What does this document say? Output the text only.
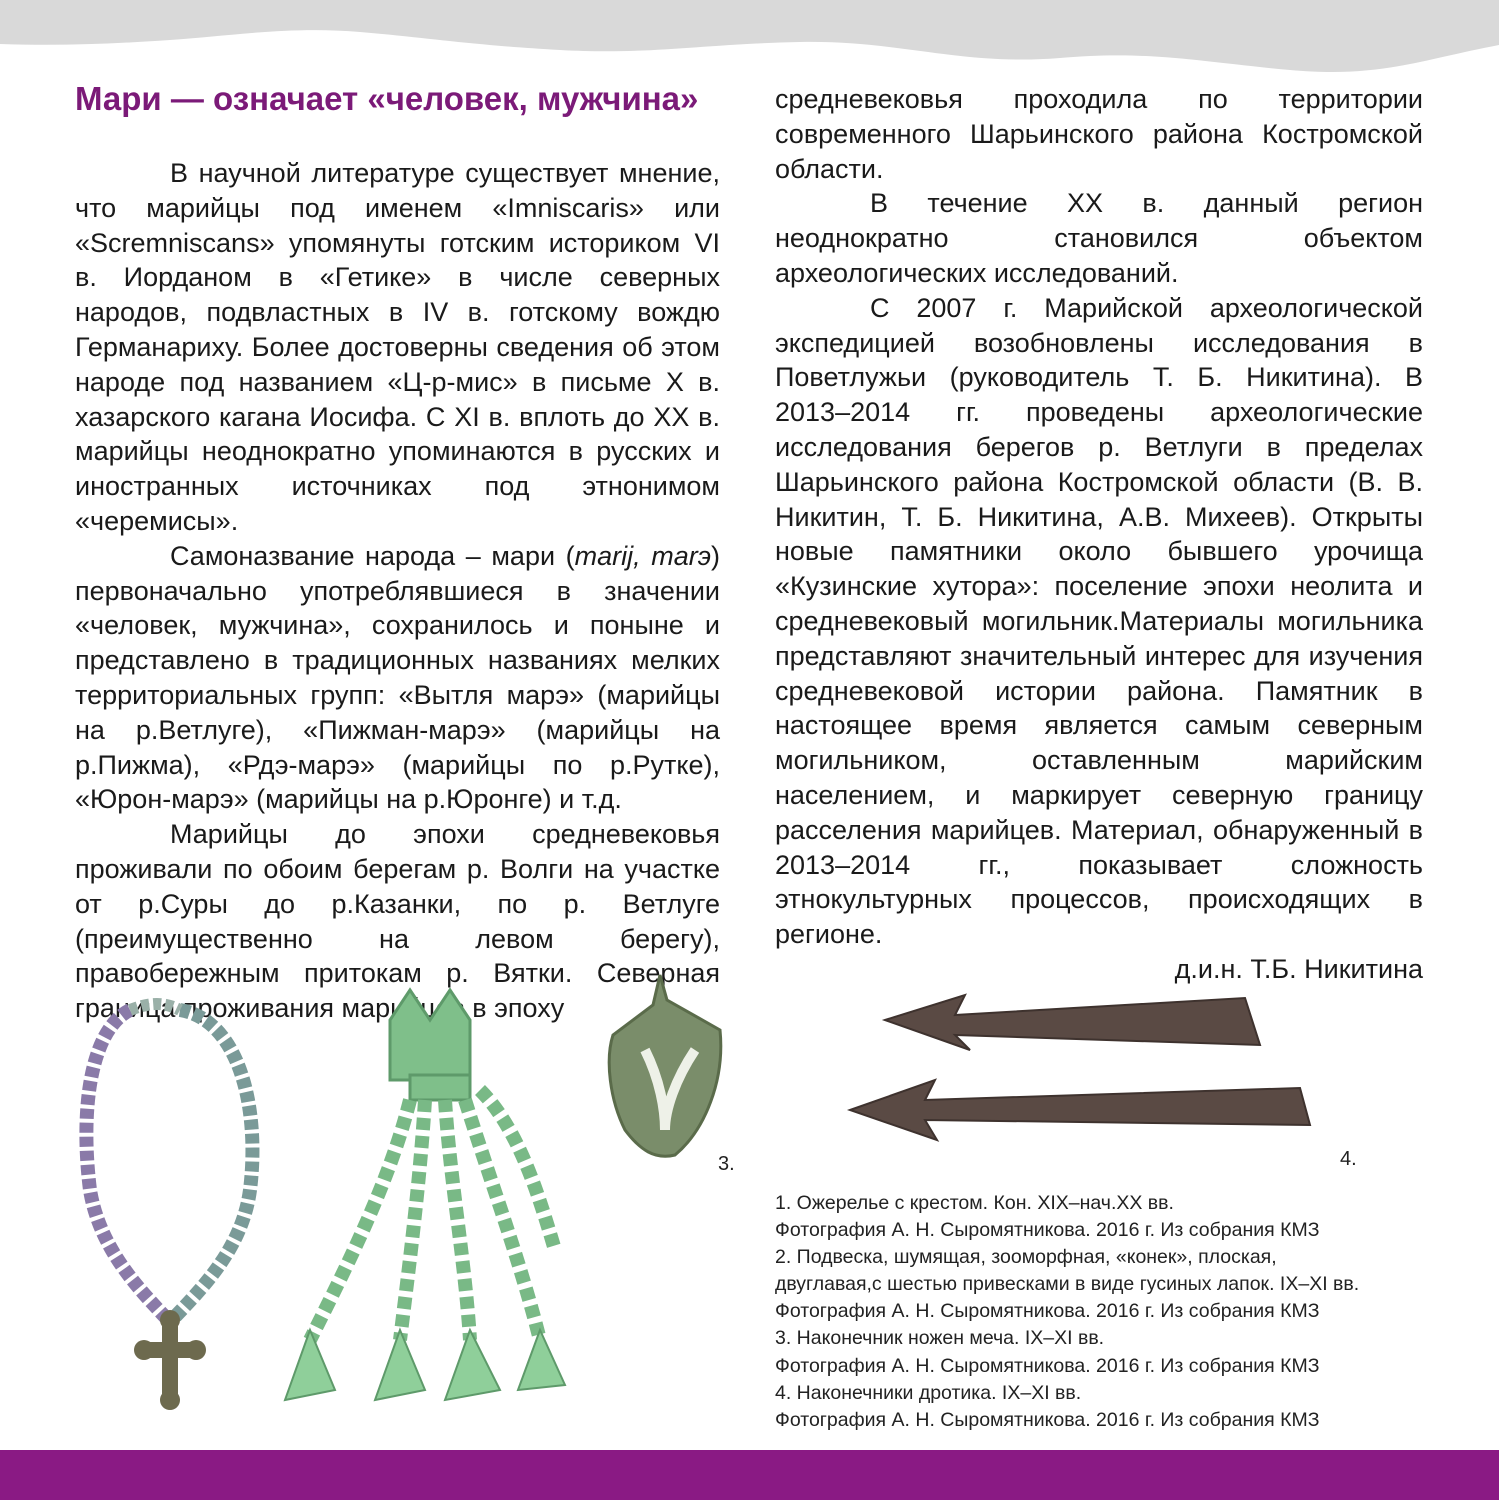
Мари — означает «человек, мужчина»

В научной литературе существует мнение, что марийцы под именем «Imniscaris» или «Scremniscans» упомянуты готским историком VI в. Иорданом в «Гетике» в числе северных народов, подвластных в IV в. готскому вождю Германариху. Более достоверны сведения об этом народе под названием «Ц-р-мис» в письме X в. хазарского кагана Иосифа. С XI в. вплоть до XX в. марийцы неоднократно упоминаются в русских и иностранных источниках под этнонимом «черемисы».

Самоназвание народа – мари (marij, marэ) первоначально употреблявшиеся в значении «человек, мужчина», сохранилось и поныне и представлено в традиционных названиях мелких территориальных групп: «Вытля марэ» (марийцы на р.Ветлуге), «Пижман-марэ» (марийцы на р.Пижма), «Рдэ-марэ» (марийцы по р.Рутке), «Юрон-марэ» (марийцы на р.Юронге) и т.д.

Марийцы до эпохи средневековья проживали по обоим берегам р. Волги на участке от р.Суры до р.Казанки, по р. Ветлуге (преимущественно на левом берегу), правобережным притокам р. Вятки. Северная граница проживания марийцев в эпоху

средневековья проходила по территории современного Шарьинского района Костромской области.

В течение XX в. данный регион неоднократно становился объектом археологических исследований.

С 2007 г. Марийской археологической экспедицией возобновлены исследования в Поветлужьи (руководитель Т. Б. Никитина). В 2013–2014 гг. проведены археологические исследования берегов р. Ветлуги в пределах Шарьинского района Костромской области (В. В. Никитин, Т. Б. Никитина, А.В. Михеев). Открыты новые памятники около бывшего урочища «Кузинские хутора»: поселение эпохи неолита и средневековый могильник.Материалы могильника представляют значительный интерес для изучения средневековой истории района. Памятник в настоящее время является самым северным могильником, оставленным марийским населением, и маркирует северную границу расселения марийцев. Материал, обнаруженный в 2013–2014 гг., показывает сложность этнокультурных процессов, происходящих в регионе.

д.и.н. Т.Б. Никитина

3.	4.
1. Ожерелье с крестом. Кон. XIX–нач.XX вв.
Фотография А. Н. Сыромятникова. 2016 г. Из собрания КМЗ
2. Подвеска, шумящая, зооморфная, «конек», плоская,
двуглавая,с шестью привесками в виде гусиных лапок. IX–XI вв.
Фотография А. Н. Сыромятникова. 2016 г. Из собрания КМЗ
3. Наконечник ножен меча. IX–XI вв.
Фотография А. Н. Сыромятникова. 2016 г. Из собрания КМЗ
4. Наконечники дротика. IX–XI вв.
Фотография А. Н. Сыромятникова. 2016 г. Из собрания КМЗ
